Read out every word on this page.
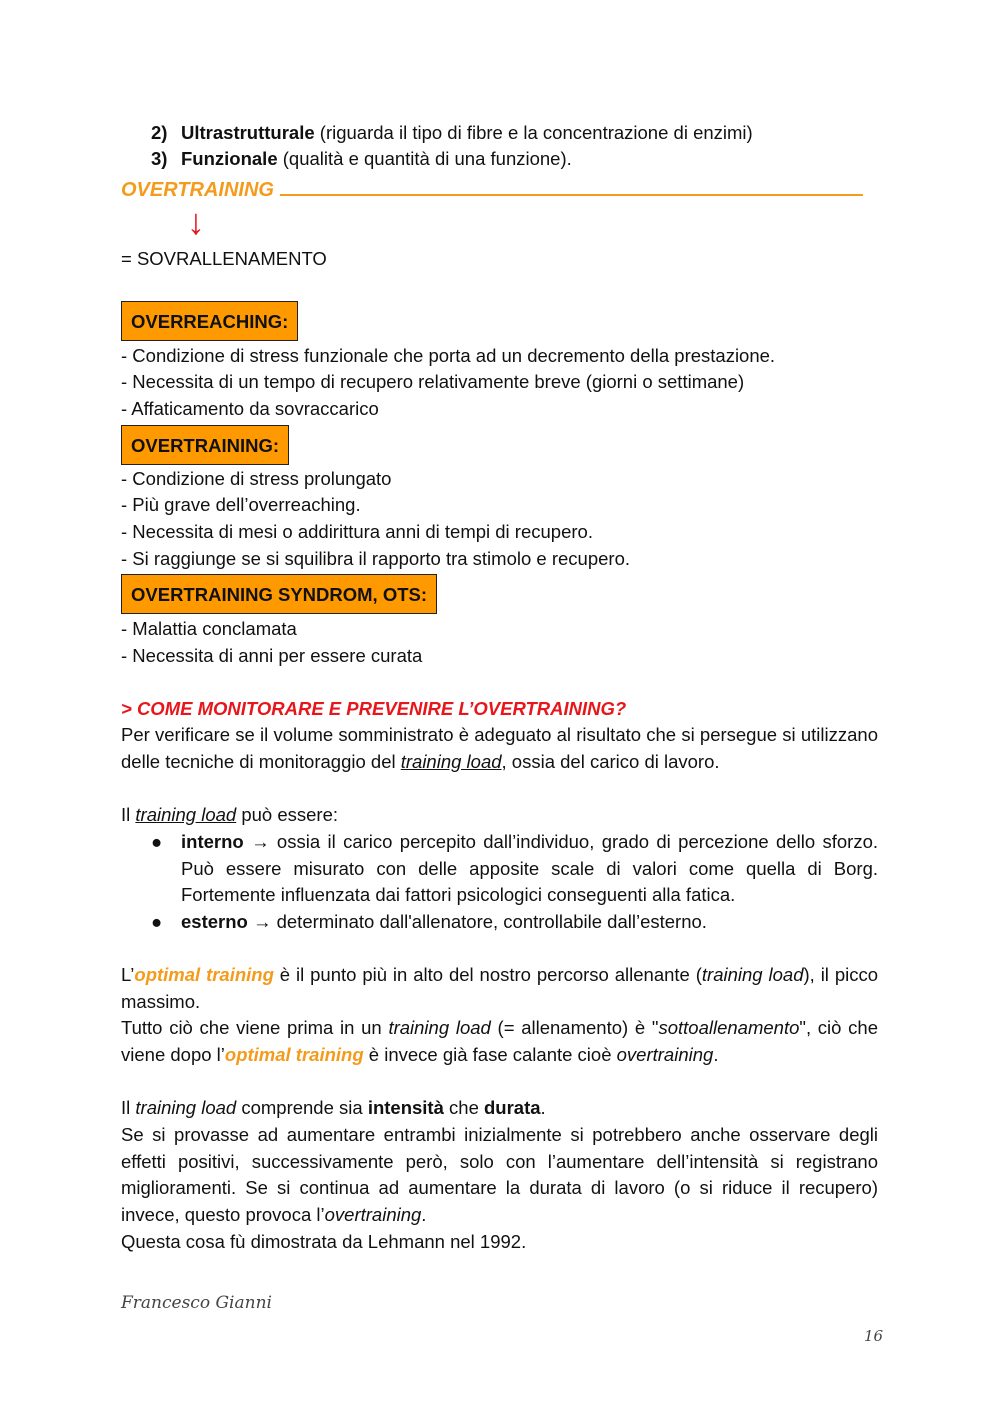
2) Ultrastrutturale (riguarda il tipo di fibre e la concentrazione di enzimi)
3) Funzionale (qualità e quantità di una funzione).
OVERTRAINING
↓
= SOVRALLENAMENTO
OVERREACHING:
- Condizione di stress funzionale che porta ad un decremento della prestazione.
- Necessita di un tempo di recupero relativamente breve (giorni o settimane)
- Affaticamento da sovraccarico
OVERTRAINING:
- Condizione di stress prolungato
- Più grave dell’overreaching.
- Necessita di mesi o addirittura anni di tempi di recupero.
- Si raggiunge se si squilibra il rapporto tra stimolo e recupero.
OVERTRAINING SYNDROM, OTS:
- Malattia conclamata
- Necessita di anni per essere curata
> COME MONITORARE E PREVENIRE L’OVERTRAINING?
Per verificare se il volume somministrato è adeguato al risultato che si persegue si utilizzano delle tecniche di monitoraggio del training load, ossia del carico di lavoro.
Il training load può essere:
● interno → ossia il carico percepito dall’individuo, grado di percezione dello sforzo. Può essere misurato con delle apposite scale di valori come quella di Borg. Fortemente influenzata dai fattori psicologici conseguenti alla fatica.
● esterno → determinato dall'allenatore, controllabile dall’esterno.
L’optimal training è il punto più in alto del nostro percorso allenante (training load), il picco massimo.
Tutto ciò che viene prima in un training load (= allenamento) è "sottoallenamento", ciò che viene dopo l’optimal training è invece già fase calante cioè overtraining.
Il training load comprende sia intensità che durata.
Se si provasse ad aumentare entrambi inizialmente si potrebbero anche osservare degli effetti positivi, successivamente però, solo con l’aumentare dell’intensità si registrano miglioramenti. Se si continua ad aumentare la durata di lavoro (o si riduce il recupero) invece, questo provoca l’overtraining.
Questa cosa fù dimostrata da Lehmann nel 1992.
Francesco Gianni
16
